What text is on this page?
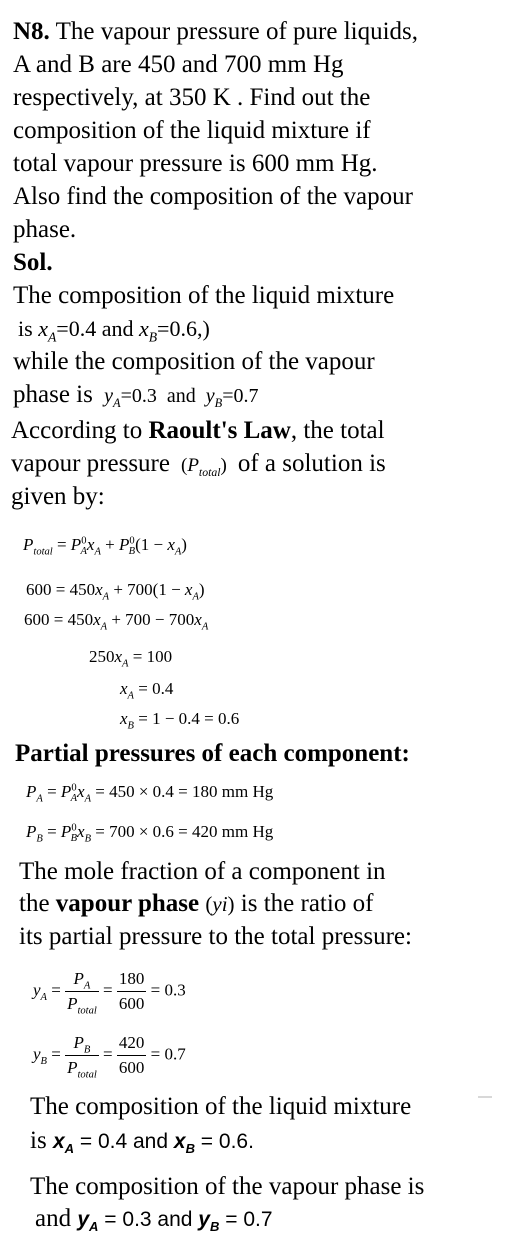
N8. The vapour pressure of pure liquids,
A and B are 450 and 700 mm Hg
respectively, at 350 K . Find out the
composition of the liquid mixture if
total vapour pressure is 600 mm Hg.
Also find the composition of the vapour
phase.
Sol.
The composition of the liquid mixture
is $x_A=0.4$ and $x_B=0.6$,)
while the composition of the vapour
phase is $y_A=0.3$  and  $y_B=0.7$
According to Raoult's Law, the total
vapour pressure  $(P_{total})$  of a solution is
given by:
$P_{total} = P^0_Ax_A + P^0_B(1 - x_A)$
$600 = 450x_A + 700(1 - x_A)$
$600 = 450x_A + 700 - 700x_A$
$250x_A = 100$
$x_A = 0.4$
$x_B = 1 - 0.4 = 0.6$
Partial pressures of each component:
$P_A = P^0_Ax_A = 450 \times 0.4 = 180$ mm Hg
$P_B = P^0_Bx_B = 700 \times 0.6 = 420$ mm Hg
The mole fraction of a component in
the vapour phase (yi) is the ratio of
its partial pressure to the total pressure:
$y_A = \frac{P_A}{P_{total}} = \frac{180}{600} = 0.3$
$y_B = \frac{P_B}{P_{total}} = \frac{420}{600} = 0.7$
The composition of the liquid mixture
is $x_A = 0.4$ and $x_B = 0.6$.
The composition of the vapour phase is
and $y_A = 0.3$ and $y_B = 0.7$
